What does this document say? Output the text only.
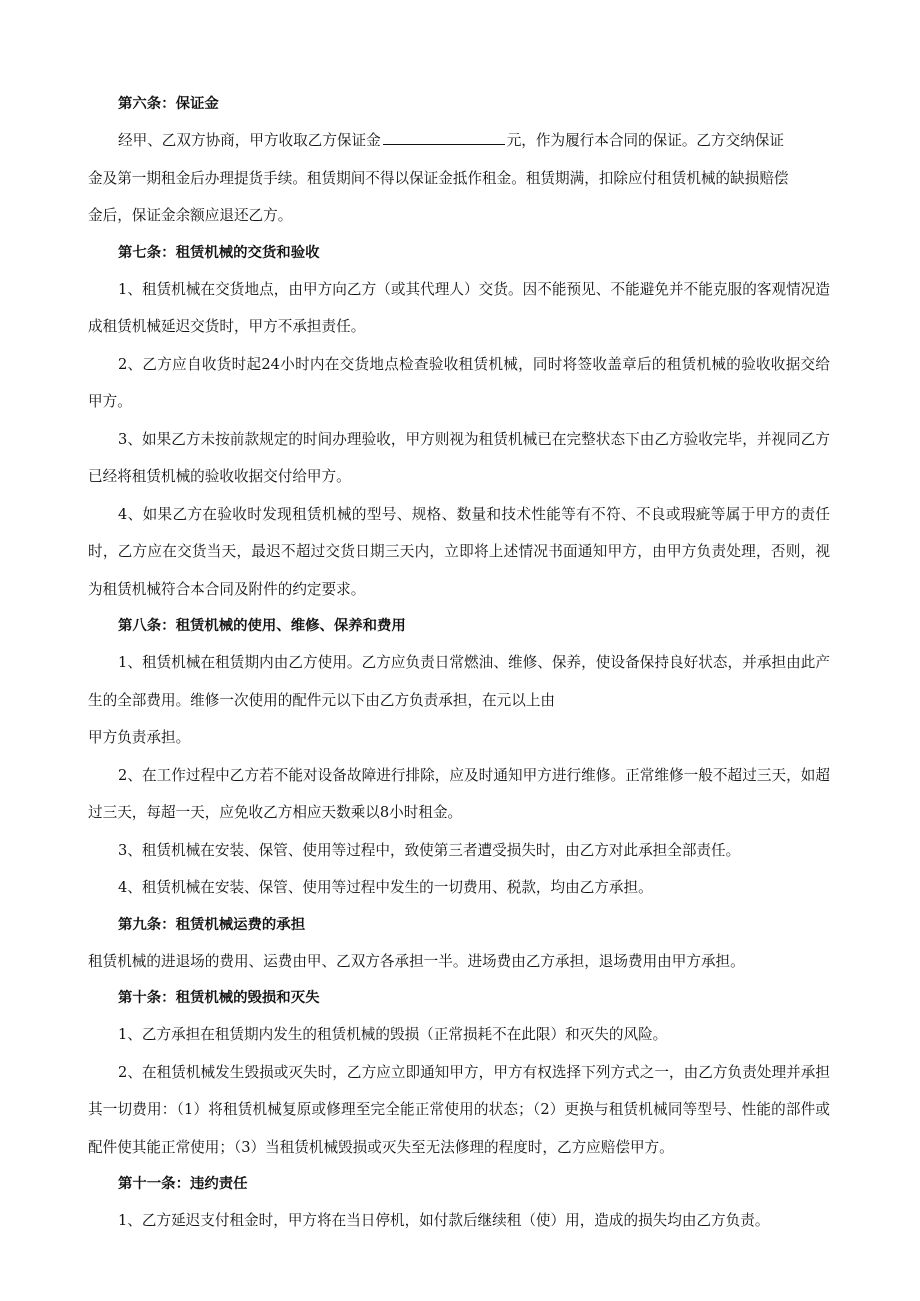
第六条：保证金
经甲、乙双方协商，甲方收取乙方保证金	元，作为履行本合同的保证。乙方交纳保证
金及第一期租金后办理提货手续。租赁期间不得以保证金抵作租金。租赁期满，扣除应付租赁机械的缺损赔偿
金后，保证金余额应退还乙方。
第七条：租赁机械的交货和验收
1、租赁机械在交货地点，由甲方向乙方（或其代理人）交货。因不能预见、不能避免并不能克服的客观情况造成租赁机械延迟交货时，甲方不承担责任。
2、乙方应自收货时起24小时内在交货地点检查验收租赁机械，同时将签收盖章后的租赁机械的验收收据交给甲方。
3、如果乙方未按前款规定的时间办理验收，甲方则视为租赁机械已在完整状态下由乙方验收完毕，并视同乙方已经将租赁机械的验收收据交付给甲方。
4、如果乙方在验收时发现租赁机械的型号、规格、数量和技术性能等有不符、不良或瑕疵等属于甲方的责任时，乙方应在交货当天，最迟不超过交货日期三天内，立即将上述情况书面通知甲方，由甲方负责处理，否则，视为租赁机械符合本合同及附件的约定要求。
第八条：租赁机械的使用、维修、保养和费用
1、租赁机械在租赁期内由乙方使用。乙方应负责日常燃油、维修、保养，使设备保持良好状态，并承担由此产生的全部费用。维修一次使用的配件元以下由乙方负责承担，在元以上由
甲方负责承担。
2、在工作过程中乙方若不能对设备故障进行排除，应及时通知甲方进行维修。正常维修一般不超过三天，如超过三天，每超一天，应免收乙方相应天数乘以8小时租金。
3、租赁机械在安装、保管、使用等过程中，致使第三者遭受损失时，由乙方对此承担全部责任。
4、租赁机械在安装、保管、使用等过程中发生的一切费用、税款，均由乙方承担。
第九条：租赁机械运费的承担
租赁机械的进退场的费用、运费由甲、乙双方各承担一半。进场费由乙方承担，退场费用由甲方承担。
第十条：租赁机械的毁损和灭失
1、乙方承担在租赁期内发生的租赁机械的毁损（正常损耗不在此限）和灭失的风险。
2、在租赁机械发生毁损或灭失时，乙方应立即通知甲方，甲方有权选择下列方式之一，由乙方负责处理并承担其一切费用：（1）将租赁机械复原或修理至完全能正常使用的状态；（2）更换与租赁机械同等型号、性能的部件或配件使其能正常使用；（3）当租赁机械毁损或灭失至无法修理的程度时，乙方应赔偿甲方。
第十一条：违约责任
1、乙方延迟支付租金时，甲方将在当日停机，如付款后继续租（使）用，造成的损失均由乙方负责。
